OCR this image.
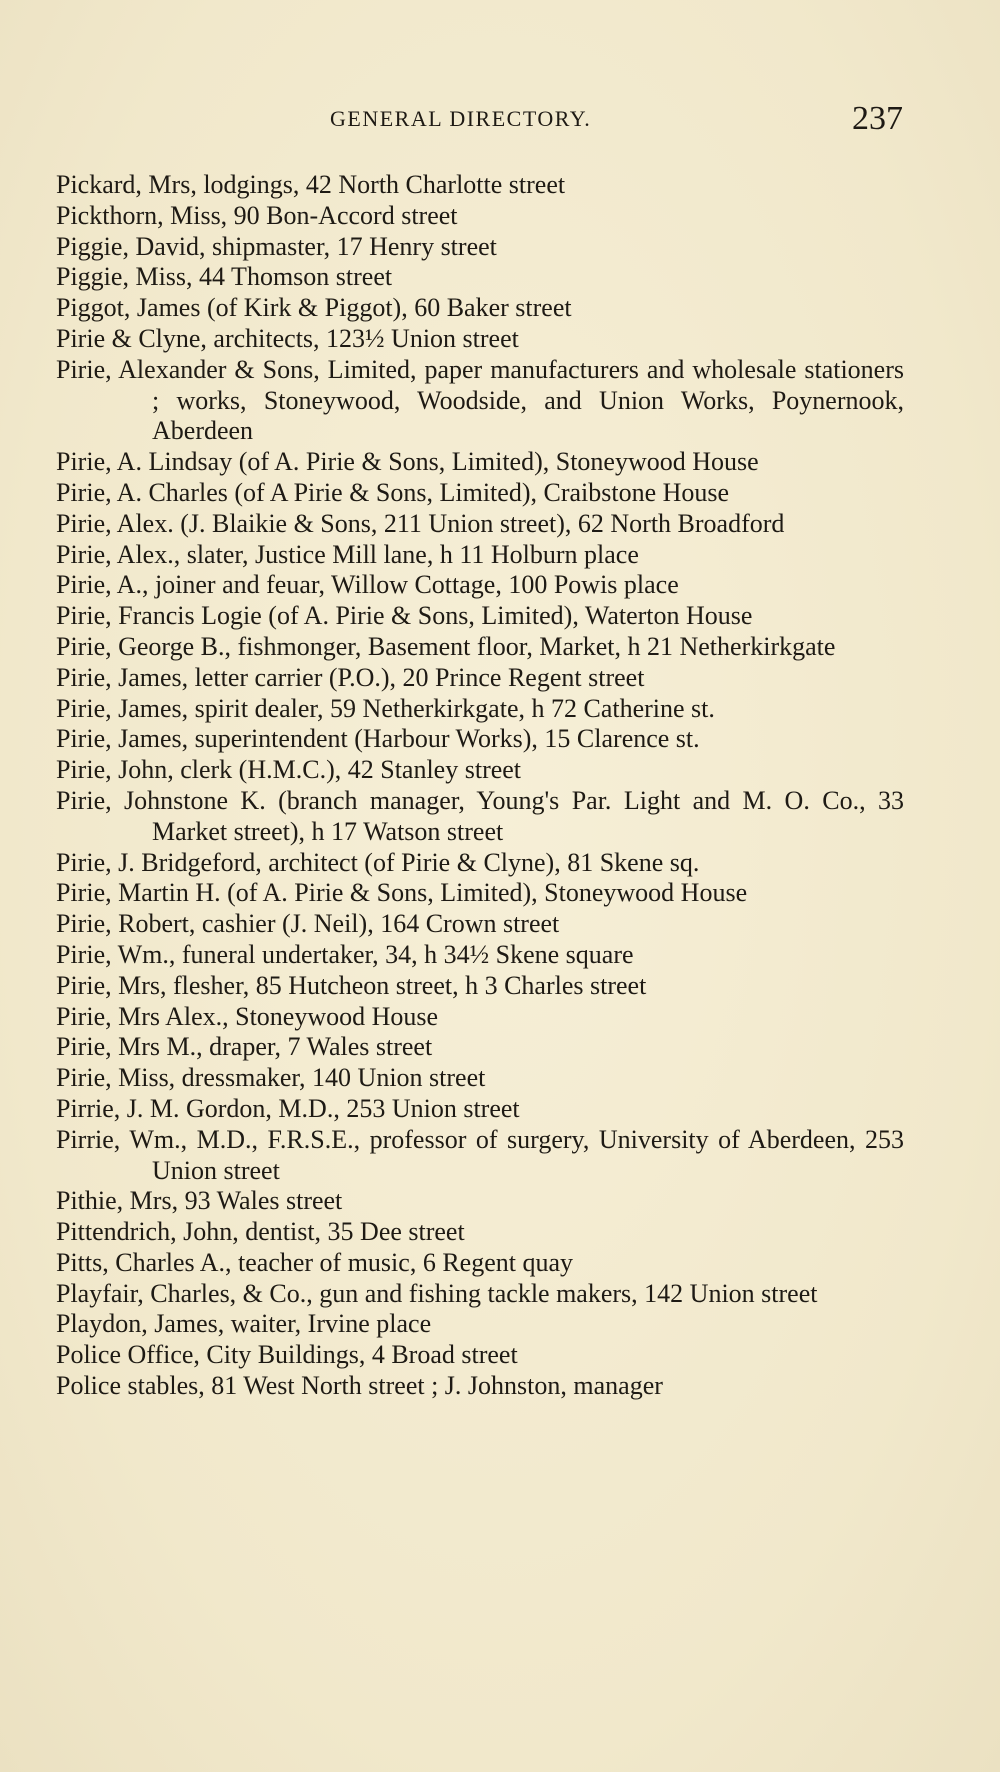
GENERAL DIRECTORY.	237
Pickard, Mrs, lodgings, 42 North Charlotte street
Pickthorn, Miss, 90 Bon-Accord street
Piggie, David, shipmaster, 17 Henry street
Piggie, Miss, 44 Thomson street
Piggot, James (of Kirk & Piggot), 60 Baker street
Pirie & Clyne, architects, 123½ Union street
Pirie, Alexander & Sons, Limited, paper manufacturers and wholesale stationers ; works, Stoneywood, Woodside, and Union Works, Poynernook, Aberdeen
Pirie, A. Lindsay (of A. Pirie & Sons, Limited), Stoneywood House
Pirie, A. Charles (of A Pirie & Sons, Limited), Craibstone House
Pirie, Alex. (J. Blaikie & Sons, 211 Union street), 62 North Broadford
Pirie, Alex., slater, Justice Mill lane, h 11 Holburn place
Pirie, A., joiner and feuar, Willow Cottage, 100 Powis place
Pirie, Francis Logie (of A. Pirie & Sons, Limited), Waterton House
Pirie, George B., fishmonger, Basement floor, Market, h 21 Netherkirkgate
Pirie, James, letter carrier (P.O.), 20 Prince Regent street
Pirie, James, spirit dealer, 59 Netherkirkgate, h 72 Catherine st.
Pirie, James, superintendent (Harbour Works), 15 Clarence st.
Pirie, John, clerk (H.M.C.), 42 Stanley street
Pirie, Johnstone K. (branch manager, Young's Par. Light and M. O. Co., 33 Market street), h 17 Watson street
Pirie, J. Bridgeford, architect (of Pirie & Clyne), 81 Skene sq.
Pirie, Martin H. (of A. Pirie & Sons, Limited), Stoneywood House
Pirie, Robert, cashier (J. Neil), 164 Crown street
Pirie, Wm., funeral undertaker, 34, h 34½ Skene square
Pirie, Mrs, flesher, 85 Hutcheon street, h 3 Charles street
Pirie, Mrs Alex., Stoneywood House
Pirie, Mrs M., draper, 7 Wales street
Pirie, Miss, dressmaker, 140 Union street
Pirrie, J. M. Gordon, M.D., 253 Union street
Pirrie, Wm., M.D., F.R.S.E., professor of surgery, University of Aberdeen, 253 Union street
Pithie, Mrs, 93 Wales street
Pittendrich, John, dentist, 35 Dee street
Pitts, Charles A., teacher of music, 6 Regent quay
Playfair, Charles, & Co., gun and fishing tackle makers, 142 Union street
Playdon, James, waiter, Irvine place
Police Office, City Buildings, 4 Broad street
Police stables, 81 West North street ; J. Johnston, manager
